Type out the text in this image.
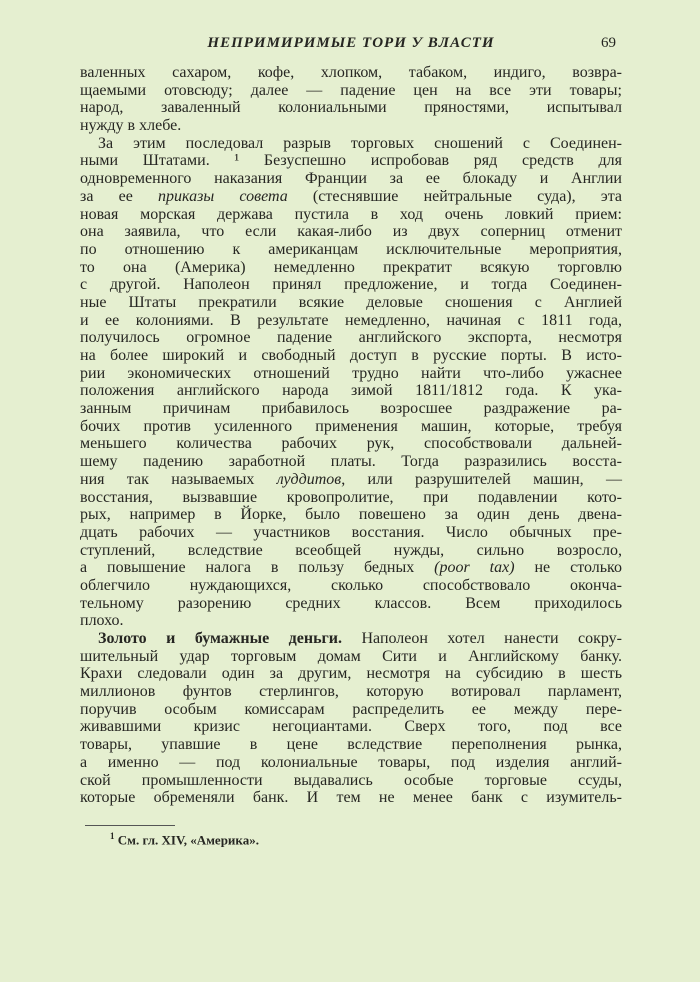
НЕПРИМИРИМЫЕ ТОРИ У ВЛАСТИ	69
валенных сахаром, кофе, хлопком, табаком, индиго, возвра-
щаемыми отовсюду; далее — падение цен на все эти товары;
народ, заваленный колониальными пряностями, испытывал
нужду в хлебе.
За этим последовал разрыв торговых сношений с Соединен-
ными Штатами. ¹ Безуспешно испробовав ряд средств для
одновременного наказания Франции за ее блокаду и Англии
за ее приказы совета (стеснявшие нейтральные суда), эта
новая морская держава пустила в ход очень ловкий прием:
она заявила, что если какая-либо из двух соперниц отменит
по отношению к американцам исключительные мероприятия,
то она (Америка) немедленно прекратит всякую торговлю
с другой. Наполеон принял предложение, и тогда Соединен-
ные Штаты прекратили всякие деловые сношения с Англией
и ее колониями. В результате немедленно, начиная с 1811 года,
получилось огромное падение английского экспорта, несмотря
на более широкий и свободный доступ в русские порты. В исто-
рии экономических отношений трудно найти что-либо ужаснее
положения английского народа зимой 1811/1812 года. К ука-
занным причинам прибавилось возросшее раздражение ра-
бочих против усиленного применения машин, которые, требуя
меньшего количества рабочих рук, способствовали дальней-
шему падению заработной платы. Тогда разразились восста-
ния так называемых луддитов, или разрушителей машин, —
восстания, вызвавшие кровопролитие, при подавлении кото-
рых, например в Йорке, было повешено за один день двена-
дцать рабочих — участников восстания. Число обычных пре-
ступлений, вследствие всеобщей нужды, сильно возросло,
а повышение налога в пользу бедных (poor tax) не столько
облегчило нуждающихся, сколько способствовало оконча-
тельному разорению средних классов. Всем приходилось
плохо.
Золото и бумажные деньги. Наполеон хотел нанести сокру-
шительный удар торговым домам Сити и Английскому банку.
Крахи следовали один за другим, несмотря на субсидию в шесть
миллионов фунтов стерлингов, которую вотировал парламент,
поручив особым комиссарам распределить ее между пере-
живавшими кризис негоциантами. Сверх того, под все
товары, упавшие в цене вследствие переполнения рынка,
а именно — под колониальные товары, под изделия англий-
ской промышленности выдавались особые торговые ссуды,
которые обременяли банк. И тем не менее банк с изумитель-
$^1$ См. гл. XIV, «Америка».
